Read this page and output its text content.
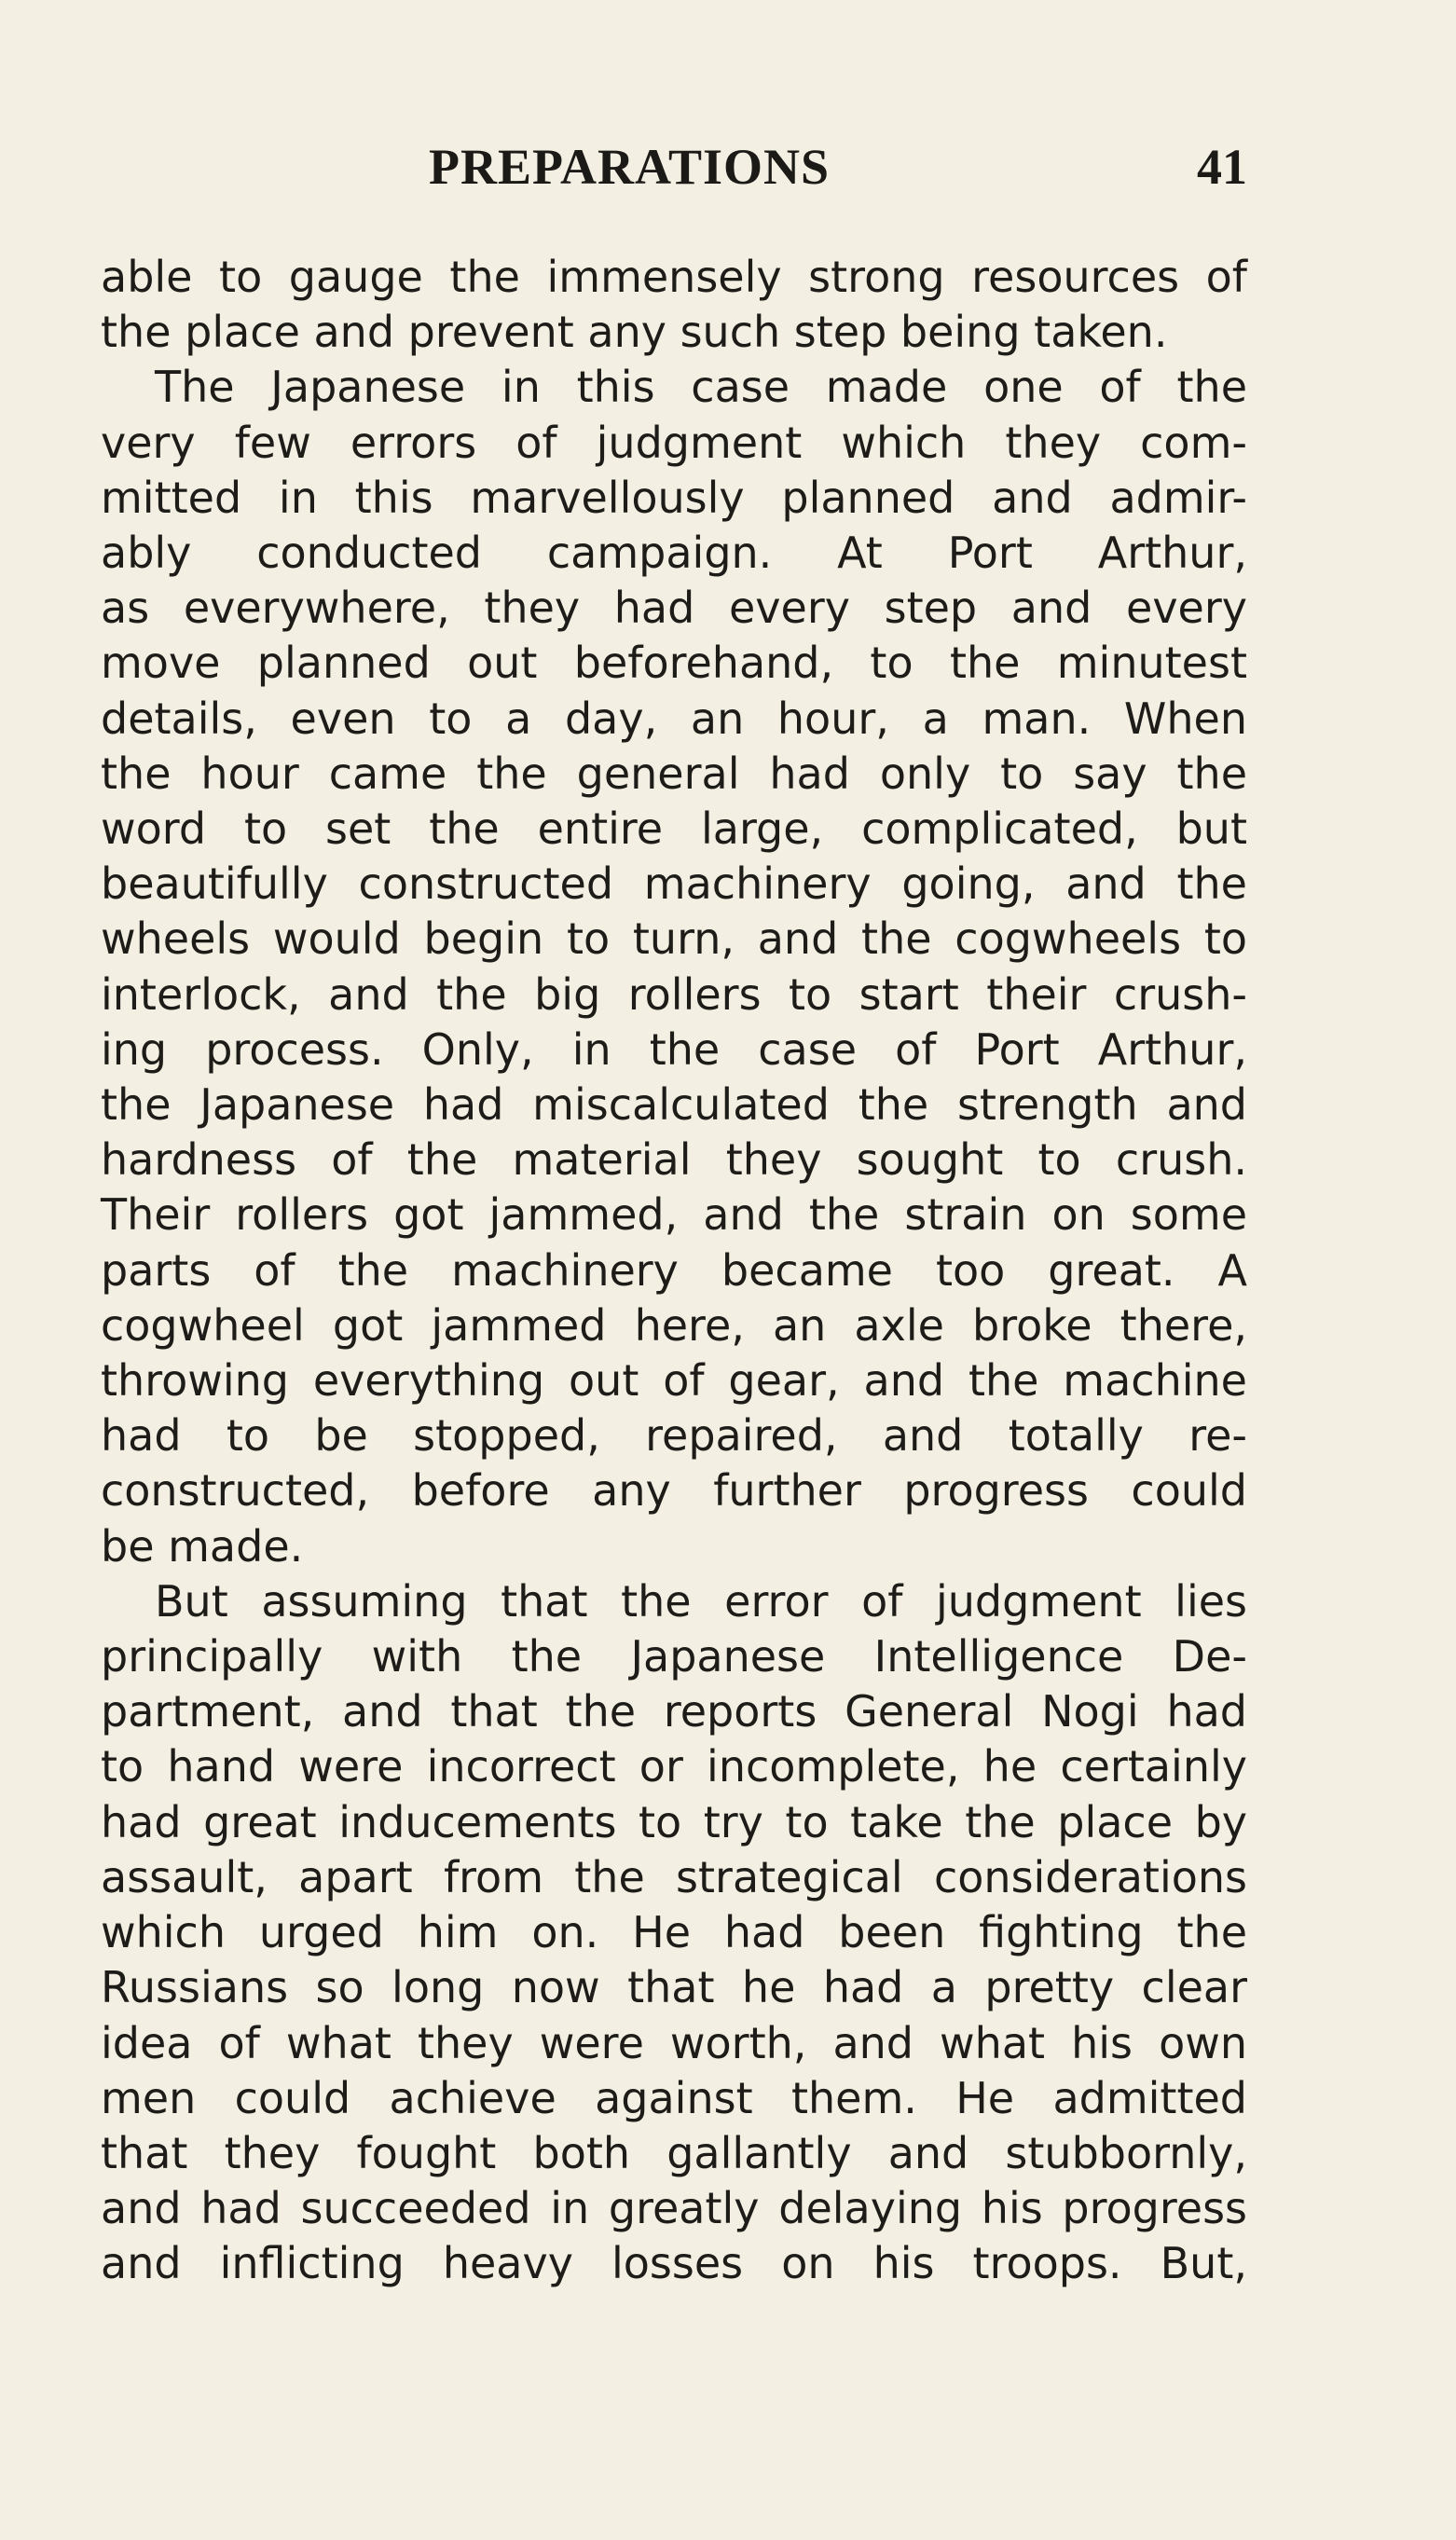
PREPARATIONS	41

able to gauge the immensely strong resources of

the place and prevent any such step being taken.

The Japanese in this case made one of the

very few errors of judgment which they com-

mitted in this marvellously planned and admir-

ably conducted campaign. At Port Arthur,

as everywhere, they had every step and every

move planned out beforehand, to the minutest

details, even to a day, an hour, a man. When

the hour came the general had only to say the

word to set the entire large, complicated, but

beautifully constructed machinery going, and the

wheels would begin to turn, and the cogwheels to

interlock, and the big rollers to start their crush-

ing process. Only, in the case of Port Arthur,

the Japanese had miscalculated the strength and

hardness of the material they sought to crush.

Their rollers got jammed, and the strain on some

parts of the machinery became too great. A

cogwheel got jammed here, an axle broke there,

throwing everything out of gear, and the machine

had to be stopped, repaired, and totally re-

constructed, before any further progress could

be made.

But assuming that the error of judgment lies

principally with the Japanese Intelligence De-

partment, and that the reports General Nogi had

to hand were incorrect or incomplete, he certainly

had great inducements to try to take the place by

assault, apart from the strategical considerations

which urged him on. He had been fighting the

Russians so long now that he had a pretty clear

idea of what they were worth, and what his own

men could achieve against them. He admitted

that they fought both gallantly and stubbornly,

and had succeeded in greatly delaying his progress

and inflicting heavy losses on his troops. But,
